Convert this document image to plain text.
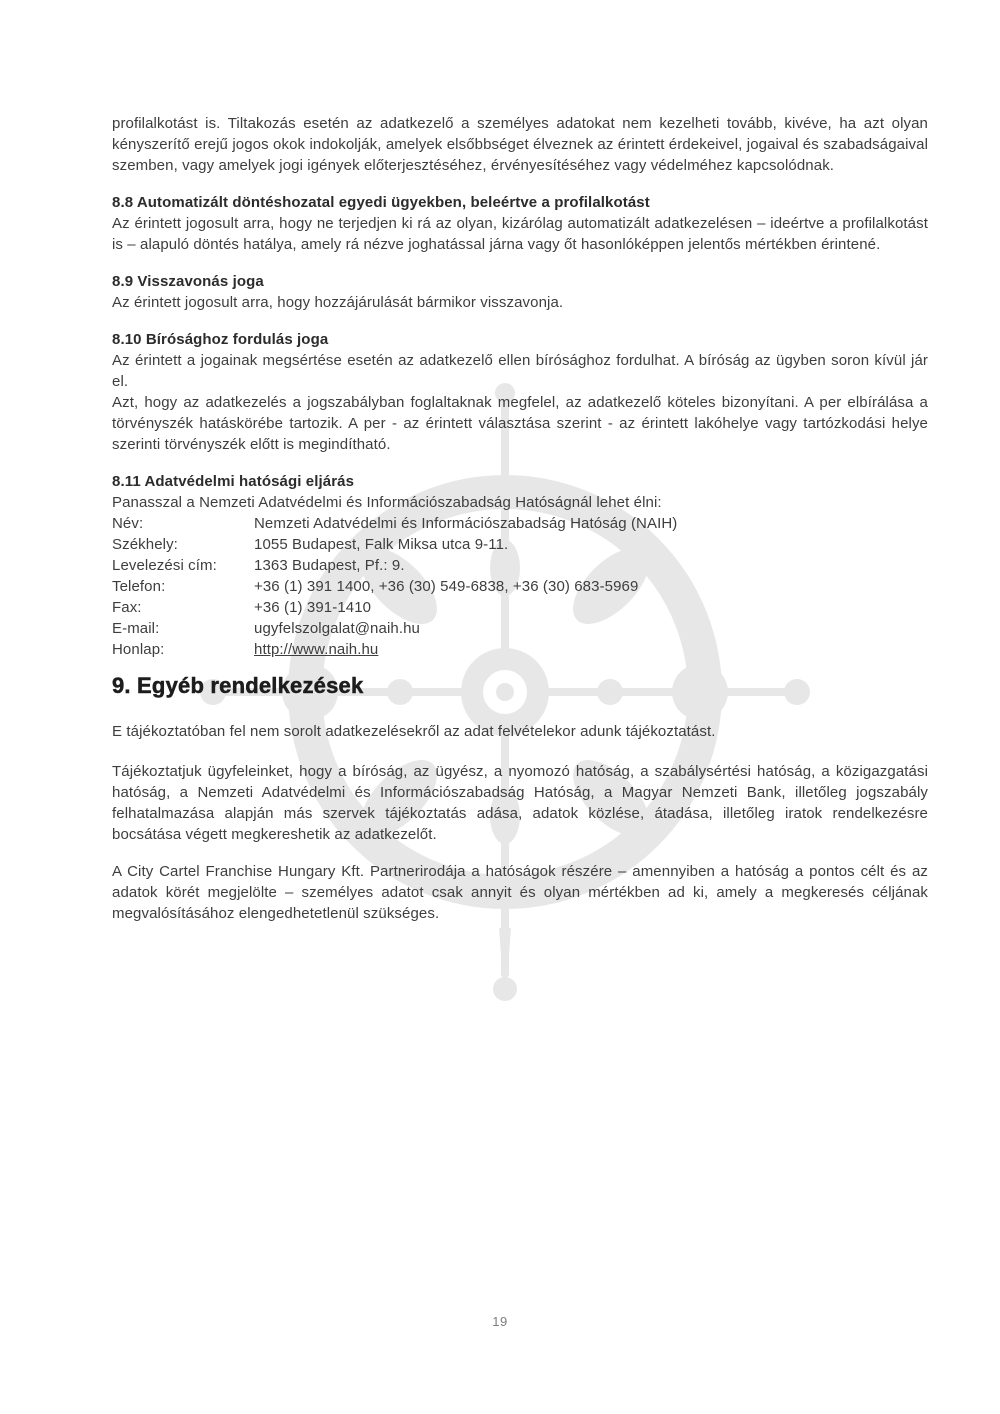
profilalkotást is. Tiltakozás esetén az adatkezelő a személyes adatokat nem kezelheti tovább, kivéve, ha azt olyan kényszerítő erejű jogos okok indokolják, amelyek elsőbbséget élveznek az érintett érdekeivel, jogaival és szabadságaival szemben, vagy amelyek jogi igények előterjesztéséhez, érvényesítéséhez vagy védelméhez kapcsolódnak.

8.8 Automatizált döntéshozatal egyedi ügyekben, beleértve a profilalkotást

Az érintett jogosult arra, hogy ne terjedjen ki rá az olyan, kizárólag automatizált adatkezelésen – ideértve a profilalkotást is – alapuló döntés hatálya, amely rá nézve joghatással járna vagy őt hasonlóképpen jelentős mértékben érintené.

8.9 Visszavonás joga

Az érintett jogosult arra, hogy hozzájárulását bármikor visszavonja.

8.10 Bírósághoz fordulás joga

Az érintett a jogainak megsértése esetén az adatkezelő ellen bírósághoz fordulhat. A bíróság az ügyben soron kívül jár el.

Azt, hogy az adatkezelés a jogszabályban foglaltaknak megfelel, az adatkezelő köteles bizonyítani. A per elbírálása a törvényszék hatáskörébe tartozik. A per - az érintett választása szerint - az érintett lakóhelye vagy tartózkodási helye szerinti törvényszék előtt is megindítható.

8.11 Adatvédelmi hatósági eljárás

Panasszal a Nemzeti Adatvédelmi és Információszabadság Hatóságnál lehet élni:

Név:	Nemzeti Adatvédelmi és Információszabadság Hatóság (NAIH)
Székhely:	1055 Budapest, Falk Miksa utca 9-11.
Levelezési cím:	1363 Budapest, Pf.: 9.
Telefon:	+36 (1) 391 1400, +36 (30) 549-6838, +36 (30) 683-5969
Fax:	+36 (1) 391-1410
E-mail:	ugyfelszolgalat@naih.hu
Honlap:	http://www.naih.hu
9. Egyéb rendelkezések

E tájékoztatóban fel nem sorolt adatkezelésekről az adat felvételekor adunk tájékoztatást.

Tájékoztatjuk ügyfeleinket, hogy a bíróság, az ügyész, a nyomozó hatóság, a szabálysértési hatóság, a közigazgatási hatóság, a Nemzeti Adatvédelmi és Információszabadság Hatóság, a Magyar Nemzeti Bank, illetőleg jogszabály felhatalmazása alapján más szervek tájékoztatás adása, adatok közlése, átadása, illetőleg iratok rendelkezésre bocsátása végett megkereshetik az adatkezelőt.

A City Cartel Franchise Hungary Kft. Partnerirodája a hatóságok részére – amennyiben a hatóság a pontos célt és az adatok körét megjelölte – személyes adatot csak annyit és olyan mértékben ad ki, amely a megkeresés céljának megvalósításához elengedhetetlenül szükséges.

19
